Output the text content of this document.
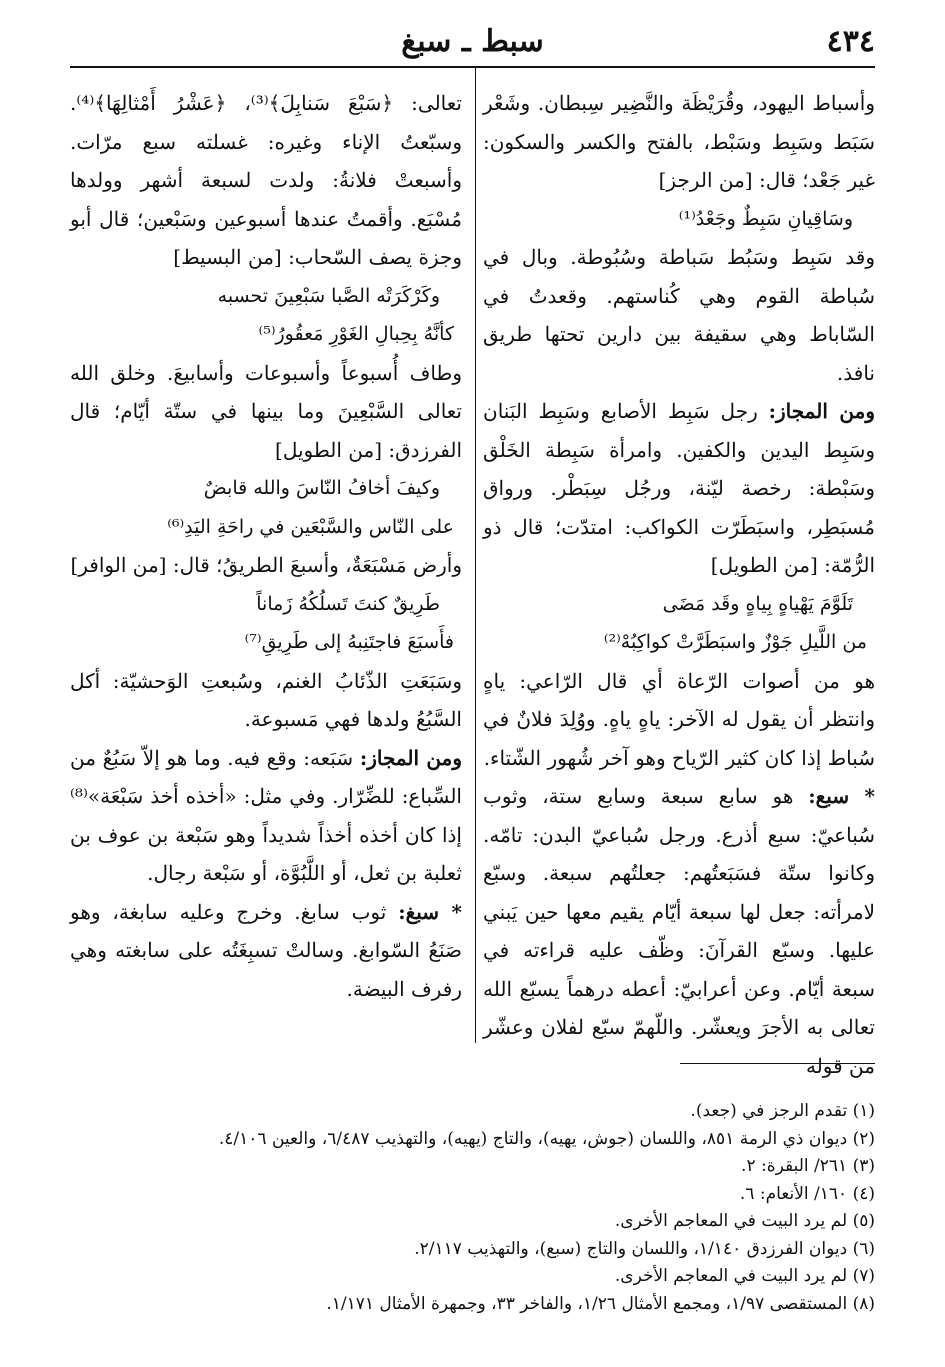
٤٣٤
سبط ـ سبغ

وأسباط اليهود، وقُرَيْظَة والنَّضِير سِبطان. وشَعْر سَبَط وسَبِط وسَبْط، بالفتح والكسر والسكون: غير جَعْد؛ قال: [من الرجز]

وسَاقِيانِ سَبِطٌ وجَعْدُ⁽¹⁾

وقد سَبِط وسَبُط سَباطة وسُبُوطة. وبال في سُباطة القوم وهي كُناستهم. وقعدتُ في السّاباط وهي سقيفة بين دارين تحتها طريق نافذ.

ومن المجاز: رجل سَبِط الأصابع وسَبِط البَنان وسَبِط اليدين والكفين. وامرأة سَبِطة الخَلْق وسَبْطة: رخصة ليّنة، ورجُل سِبَطْر. ورواق مُسبَطِر، واسبَطَرّت الكواكب: امتدّت؛ قال ذو الرُّمّة: [من الطويل]

تَلَوَّمَ يَهْياهٍ بِياهٍ وقَد مَضَى

من اللَّيلِ جَوْزٌ واسبَطَرَّتْ كواكِبُهْ⁽²⁾

هو من أصوات الرّعاة أي قال الرّاعي: ياهٍ وانتظر أن يقول له الآخر: ياهٍ ياهٍ. ووُلِدَ فلانٌ في سُباط إذا كان كثير الرّياح وهو آخر شُهور الشّتاء.

* سبع: هو سابع سبعة وسابع ستة، وثوب سُباعيّ: سبع أذرع. ورجل سُباعيّ البدن: تامّه. وكانوا ستّة فسَبَعتُهم: جعلتُهم سبعة. وسبّع لامرأته: جعل لها سبعة أيّام يقيم معها حين يَبني عليها. وسبّع القرآنَ: وظّف عليه قراءته في سبعة أيّام. وعن أعرابيّ: أعطه درهماً يسبّع الله تعالى به الأجرَ ويعشّر. واللّهمّ سبّع لفلان وعشّر من قوله

تعالى: ﴿سَبْعَ سَنابِلَ﴾⁽³⁾، ﴿عَشْرُ أَمْثالِهَا﴾⁽⁴⁾. وسبّعتُ الإناء وغيره: غسلته سبع مرّات. وأسبعتْ فلانةُ: ولدت لسبعة أشهر وولدها مُسْبَع. وأقمتُ عندها أسبوعين وسَبْعين؛ قال أبو وجزة يصف السّحاب: [من البسيط]

وكَرْكَرَتْه الصَّبا سَبْعِينَ تحسبه

كأنَّهُ بِحِبالِ الغَوْرِ مَعقُورُ⁽⁵⁾

وطاف أُسبوعاً وأسبوعات وأسابيعَ. وخلق الله تعالى السَّبْعِينَ وما بينها في ستّة أيّام؛ قال الفرزدق: [من الطويل]

وكيفَ أخافُ النّاسَ والله قابضٌ

على النّاس والسَّبْعَين في راحَةِ اليَدِ⁽⁶⁾

وأرض مَسْبَعَةٌ، وأسبعَ الطريقُ؛ قال: [من الوافر]

طَرِيقٌ كنتَ تَسلُكُهُ زَماناً

فأَسبَعَ فاجتَنِبهُ إلى طَرِيقِ⁽⁷⁾

وسَبَعَتِ الذّئابُ الغنم، وسُبعتِ الوَحشيّة: أكل السَّبُعُ ولدها فهي مَسبوعة.

ومن المجاز: سَبَعه: وقع فيه. وما هو إلاّ سَبُعٌ من السِّباع: للضِّرّار. وفي مثل: «أخذه أخذ سَبْعَة»⁽⁸⁾ إذا كان أخذه أخذاً شديداً وهو سَبْعة بن عوف بن ثعلبة بن ثعل، أو اللَّبُوَّة، أو سَبْعة رجال.

* سبغ: ثوب سابغ. وخرج وعليه سابغة، وهو صَنَعُ السّوابغ. وسالتْ تسبِغَتُه على سابغته وهي رفرف البيضة.

(١) تقدم الرجز في (جعد).
(٢) ديوان ذي الرمة ٨٥١، واللسان (جوش، يهيه)، والتاج (يهيه)، والتهذيب ٦/٤٨٧، والعين ٤/١٠٦.
(٣) ٢٦١/ البقرة: ٢.
(٤) ١٦٠/ الأنعام: ٦.
(٥) لم يرد البيت في المعاجم الأخرى.
(٦) ديوان الفرزدق ١/١٤٠، واللسان والتاج (سبع)، والتهذيب ٢/١١٧.
(٧) لم يرد البيت في المعاجم الأخرى.
(٨) المستقصى ١/٩٧، ومجمع الأمثال ١/٢٦، والفاخر ٣٣، وجمهرة الأمثال ١/١٧١.
